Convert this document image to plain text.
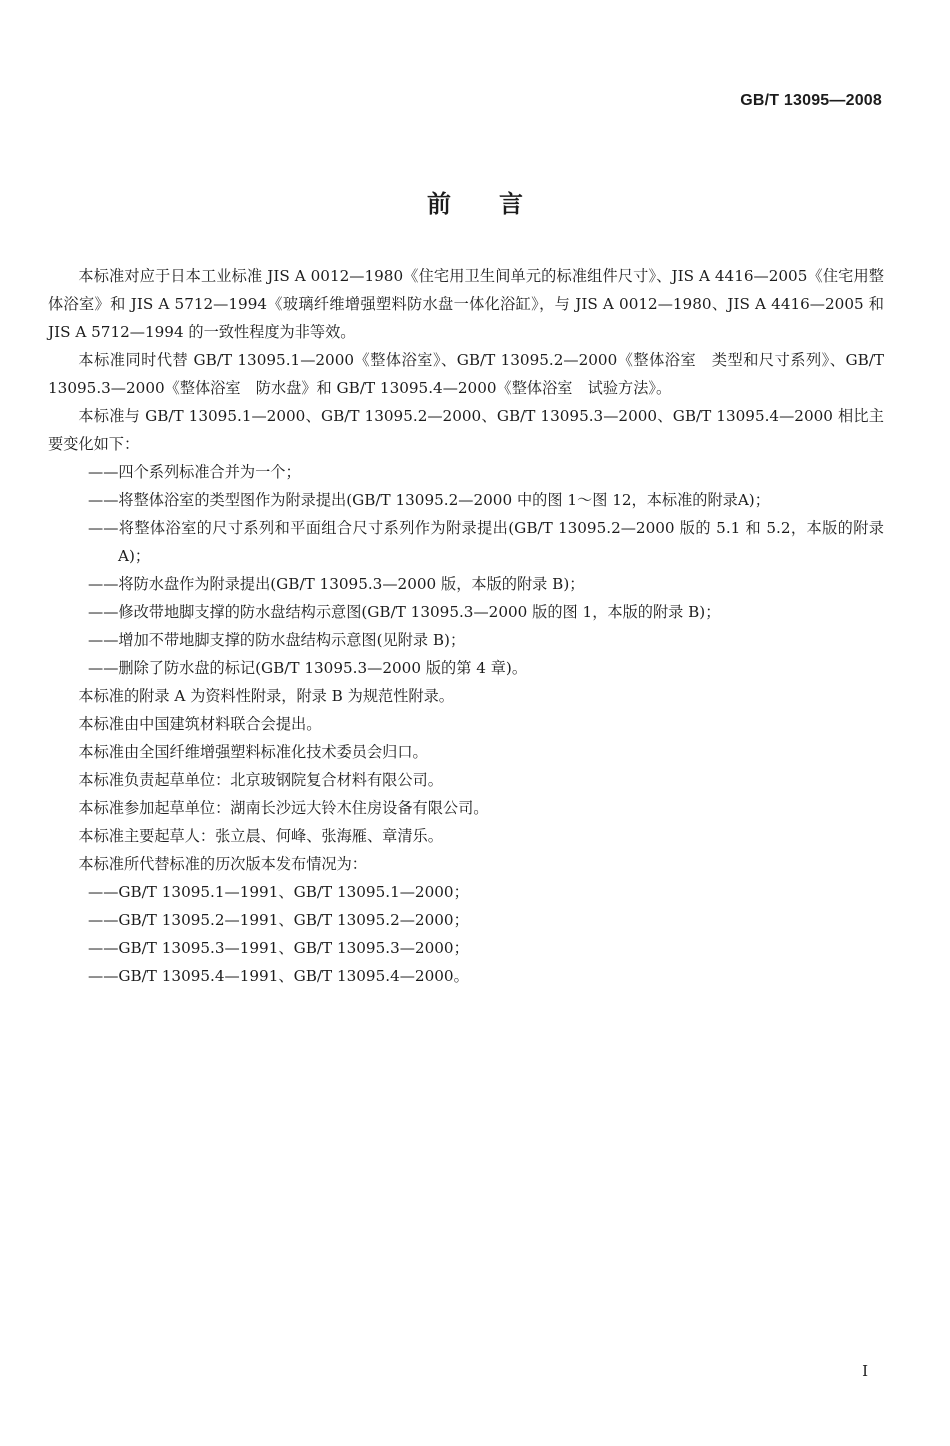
GB/T 13095—2008
前 言

本标准对应于日本工业标准 JIS A 0012—1980《住宅用卫生间单元的标准组件尺寸》、JIS A 4416—2005《住宅用整体浴室》和 JIS A 5712—1994《玻璃纤维增强塑料防水盘一体化浴缸》，与 JIS A 0012—1980、JIS A 4416—2005 和 JIS A 5712—1994 的一致性程度为非等效。

本标准同时代替 GB/T 13095.1—2000《整体浴室》、GB/T 13095.2—2000《整体浴室　类型和尺寸系列》、GB/T 13095.3—2000《整体浴室　防水盘》和 GB/T 13095.4—2000《整体浴室　试验方法》。

本标准与 GB/T 13095.1—2000、GB/T 13095.2—2000、GB/T 13095.3—2000、GB/T 13095.4—2000 相比主要变化如下：

——四个系列标准合并为一个；

——将整体浴室的类型图作为附录提出(GB/T 13095.2—2000 中的图 1～图 12，本标准的附录A)；

——将整体浴室的尺寸系列和平面组合尺寸系列作为附录提出(GB/T 13095.2—2000 版的 5.1 和 5.2，本版的附录 A)；

——将防水盘作为附录提出(GB/T 13095.3—2000 版，本版的附录 B)；

——修改带地脚支撑的防水盘结构示意图(GB/T 13095.3—2000 版的图 1，本版的附录 B)；

——增加不带地脚支撑的防水盘结构示意图(见附录 B)；

——删除了防水盘的标记(GB/T 13095.3—2000 版的第 4 章)。

本标准的附录 A 为资料性附录，附录 B 为规范性附录。

本标准由中国建筑材料联合会提出。

本标准由全国纤维增强塑料标准化技术委员会归口。

本标准负责起草单位：北京玻钢院复合材料有限公司。

本标准参加起草单位：湖南长沙远大铃木住房设备有限公司。

本标准主要起草人：张立晨、何峰、张海雁、章清乐。

本标准所代替标准的历次版本发布情况为：

——GB/T 13095.1—1991、GB/T 13095.1—2000；

——GB/T 13095.2—1991、GB/T 13095.2—2000；

——GB/T 13095.3—1991、GB/T 13095.3—2000；

——GB/T 13095.4—1991、GB/T 13095.4—2000。

I
